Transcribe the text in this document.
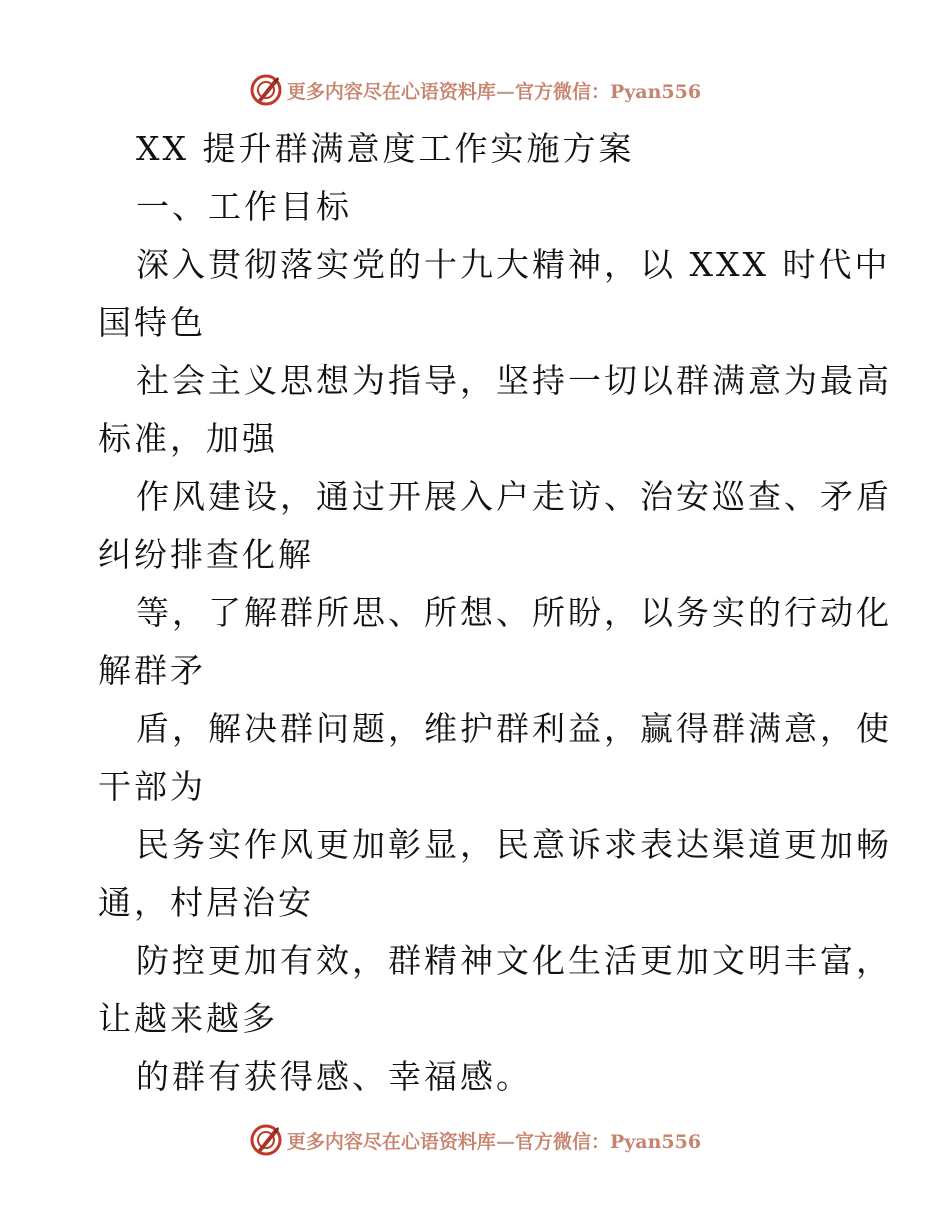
更多内容尽在心语资料库—官方微信：Pyan556
XX 提升群满意度工作实施方案
一、工作目标
深入贯彻落实党的十九大精神，以 XXX 时代中
国特色
社会主义思想为指导，坚持一切以群满意为最高
标准，加强
作风建设，通过开展入户走访、治安巡查、矛盾
纠纷排查化解
等，了解群所思、所想、所盼，以务实的行动化
解群矛
盾，解决群问题，维护群利益，赢得群满意，使
干部为
民务实作风更加彰显，民意诉求表达渠道更加畅
通，村居治安
防控更加有效，群精神文化生活更加文明丰富，
让越来越多
的群有获得感、幸福感。
更多内容尽在心语资料库—官方微信：Pyan556
